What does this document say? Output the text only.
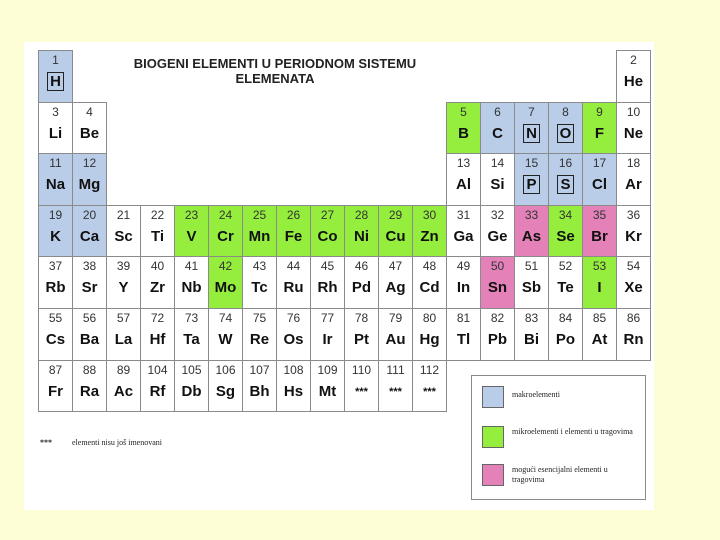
BIOGENI ELEMENTI U PERIODNOM SISTEMU
ELEMENATA
1
H
2
He
3
Li
4
Be
5
B
6
C
7
N
8
O
9
F
10
Ne
11
Na
12
Mg
13
Al
14
Si
15
P
16
S
17
Cl
18
Ar
19
K
20
Ca
21
Sc
22
Ti
23
V
24
Cr
25
Mn
26
Fe
27
Co
28
Ni
29
Cu
30
Zn
31
Ga
32
Ge
33
As
34
Se
35
Br
36
Kr
37
Rb
38
Sr
39
Y
40
Zr
41
Nb
42
Mo
43
Tc
44
Ru
45
Rh
46
Pd
47
Ag
48
Cd
49
In
50
Sn
51
Sb
52
Te
53
I
54
Xe
55
Cs
56
Ba
57
La
72
Hf
73
Ta
74
W
75
Re
76
Os
77
Ir
78
Pt
79
Au
80
Hg
81
Tl
82
Pb
83
Bi
84
Po
85
At
86
Rn
87
Fr
88
Ra
89
Ac
104
Rf
105
Db
106
Sg
107
Bh
108
Hs
109
Mt
110
***
111
***
112
***	makroelementi
mikroelementi i elementi u tragovima
mogući esencijalni elementi u tragovima
***	elementi nisu još imenovani
